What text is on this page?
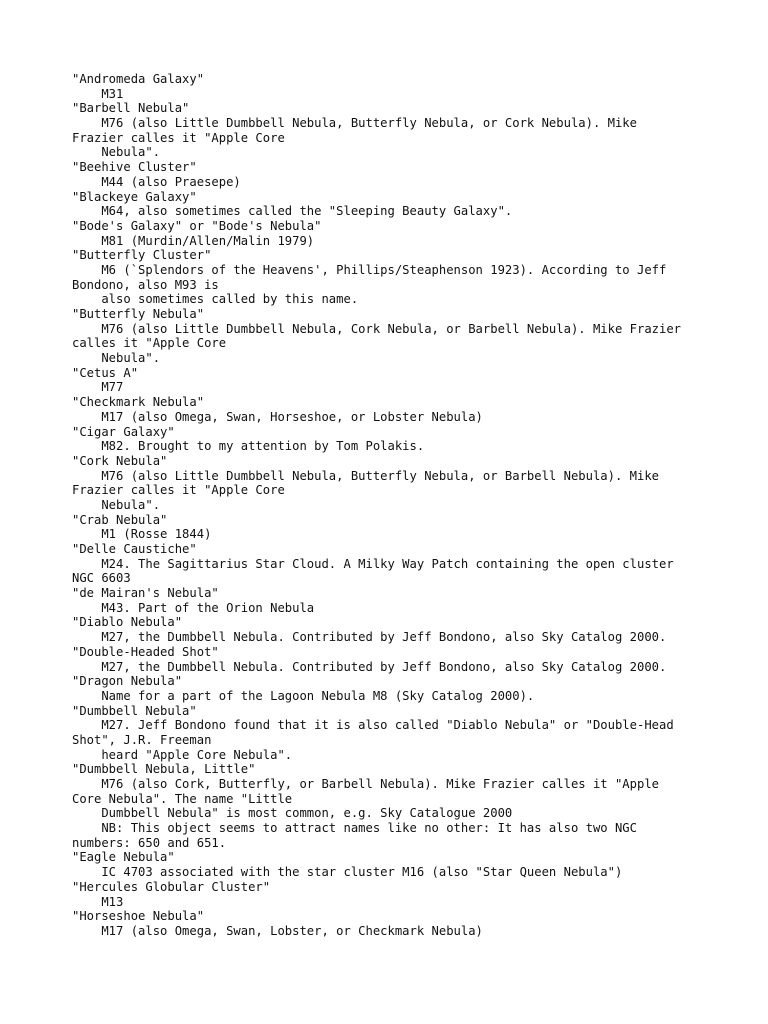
"Andromeda Galaxy"
M31
"Barbell Nebula"
M76 (also Little Dumbbell Nebula, Butterfly Nebula, or Cork Nebula). Mike
Frazier calles it "Apple Core
Nebula".
"Beehive Cluster"
M44 (also Praesepe)
"Blackeye Galaxy"
M64, also sometimes called the "Sleeping Beauty Galaxy".
"Bode's Galaxy" or "Bode's Nebula"
M81 (Murdin/Allen/Malin 1979)
"Butterfly Cluster"
M6 (`Splendors of the Heavens', Phillips/Steaphenson 1923). According to Jeff
Bondono, also M93 is
also sometimes called by this name.
"Butterfly Nebula"
M76 (also Little Dumbbell Nebula, Cork Nebula, or Barbell Nebula). Mike Frazier
calles it "Apple Core
Nebula".
"Cetus A"
M77
"Checkmark Nebula"
M17 (also Omega, Swan, Horseshoe, or Lobster Nebula)
"Cigar Galaxy"
M82. Brought to my attention by Tom Polakis.
"Cork Nebula"
M76 (also Little Dumbbell Nebula, Butterfly Nebula, or Barbell Nebula). Mike
Frazier calles it "Apple Core
Nebula".
"Crab Nebula"
M1 (Rosse 1844)
"Delle Caustiche"
M24. The Sagittarius Star Cloud. A Milky Way Patch containing the open cluster
NGC 6603
"de Mairan's Nebula"
M43. Part of the Orion Nebula
"Diablo Nebula"
M27, the Dumbbell Nebula. Contributed by Jeff Bondono, also Sky Catalog 2000.
"Double-Headed Shot"
M27, the Dumbbell Nebula. Contributed by Jeff Bondono, also Sky Catalog 2000.
"Dragon Nebula"
Name for a part of the Lagoon Nebula M8 (Sky Catalog 2000).
"Dumbbell Nebula"
M27. Jeff Bondono found that it is also called "Diablo Nebula" or "Double-Head
Shot", J.R. Freeman
heard "Apple Core Nebula".
"Dumbbell Nebula, Little"
M76 (also Cork, Butterfly, or Barbell Nebula). Mike Frazier calles it "Apple
Core Nebula". The name "Little
Dumbbell Nebula" is most common, e.g. Sky Catalogue 2000
NB: This object seems to attract names like no other: It has also two NGC
numbers: 650 and 651.
"Eagle Nebula"
IC 4703 associated with the star cluster M16 (also "Star Queen Nebula")
"Hercules Globular Cluster"
M13
"Horseshoe Nebula"
M17 (also Omega, Swan, Lobster, or Checkmark Nebula)
